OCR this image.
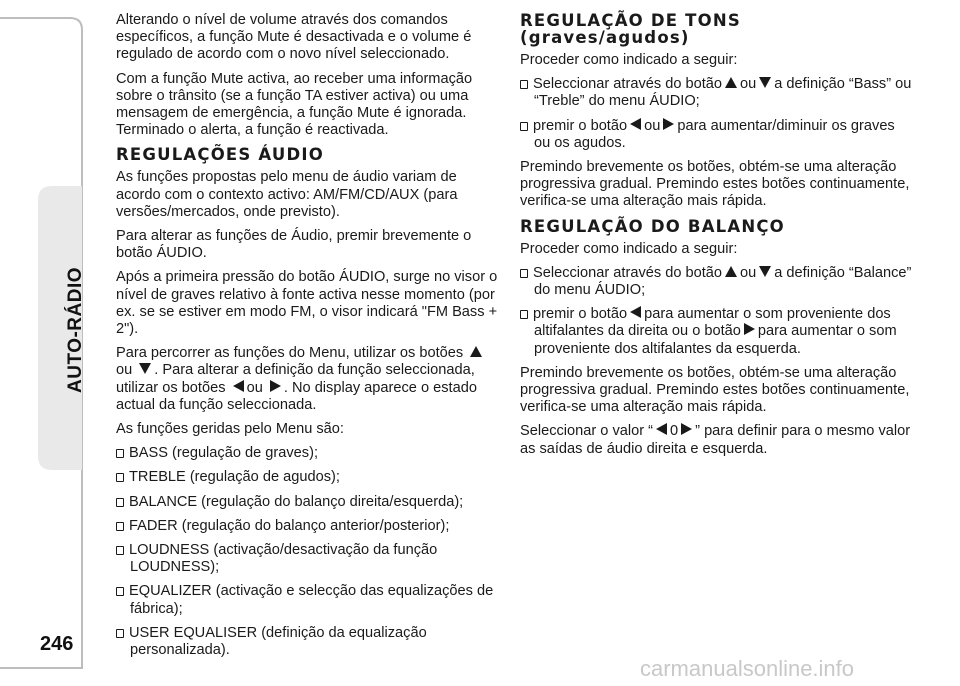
AUTO-RÁDIO
246

Alterando o nível de volume através dos comandos específicos, a função Mute é desactivada e o volume é regulado de acordo com o novo nível seleccionado.

Com a função Mute activa, ao receber uma informação sobre o trânsito (se a função TA estiver activa) ou uma mensagem de emergência, a função Mute é ignorada. Terminado o alerta, a função é reactivada.

REGULAÇÕES ÁUDIO

As funções propostas pelo menu de áudio variam de acordo com o contexto activo: AM/FM/CD/AUX (para versões/mercados, onde previsto).

Para alterar as funções de Áudio, premir brevemente o botão ÁUDIO.

Após a primeira pressão do botão ÁUDIO, surge no visor o nível de graves relativo à fonte activa nesse momento (por ex. se se estiver em modo FM, o visor indicará "FM Bass + 2").

Para percorrer as funções do Menu, utilizar os botões ou . Para alterar a definição da função seleccionada, utilizar os botões ou . No display aparece o estado actual da função seleccionada.

As funções geridas pelo Menu são:

BASS (regulação de graves);
TREBLE (regulação de agudos);
BALANCE (regulação do balanço direita/esquerda);
FADER (regulação do balanço anterior/posterior);
LOUDNESS (activação/desactivação da função LOUDNESS);
EQUALIZER (activação e selecção das equalizações de fábrica);
USER EQUALISER (definição da equalização personalizada).
REGULAÇÃO DE TONS
(graves/agudos)

Proceder como indicado a seguir:

Seleccionar através do botão ou a definição “Bass” ou “Treble” do menu ÁUDIO;
premir o botão ou para aumentar/diminuir os graves ou os agudos.

Premindo brevemente os botões, obtém-se uma alteração progressiva gradual. Premindo estes botões continuamente, verifica-se uma alteração mais rápida.

REGULAÇÃO DO BALANÇO

Proceder como indicado a seguir:

Seleccionar através do botão ou a definição “Balance” do menu ÁUDIO;
premir o botão para aumentar o som proveniente dos altifalantes da direita ou o botão para aumentar o som proveniente dos altifalantes da esquerda.

Premindo brevemente os botões, obtém-se uma alteração progressiva gradual. Premindo estes botões continuamente, verifica-se uma alteração mais rápida.

Seleccionar o valor “ 0 ” para definir para o mesmo valor as saídas de áudio direita e esquerda.

carmanualsonline.info
